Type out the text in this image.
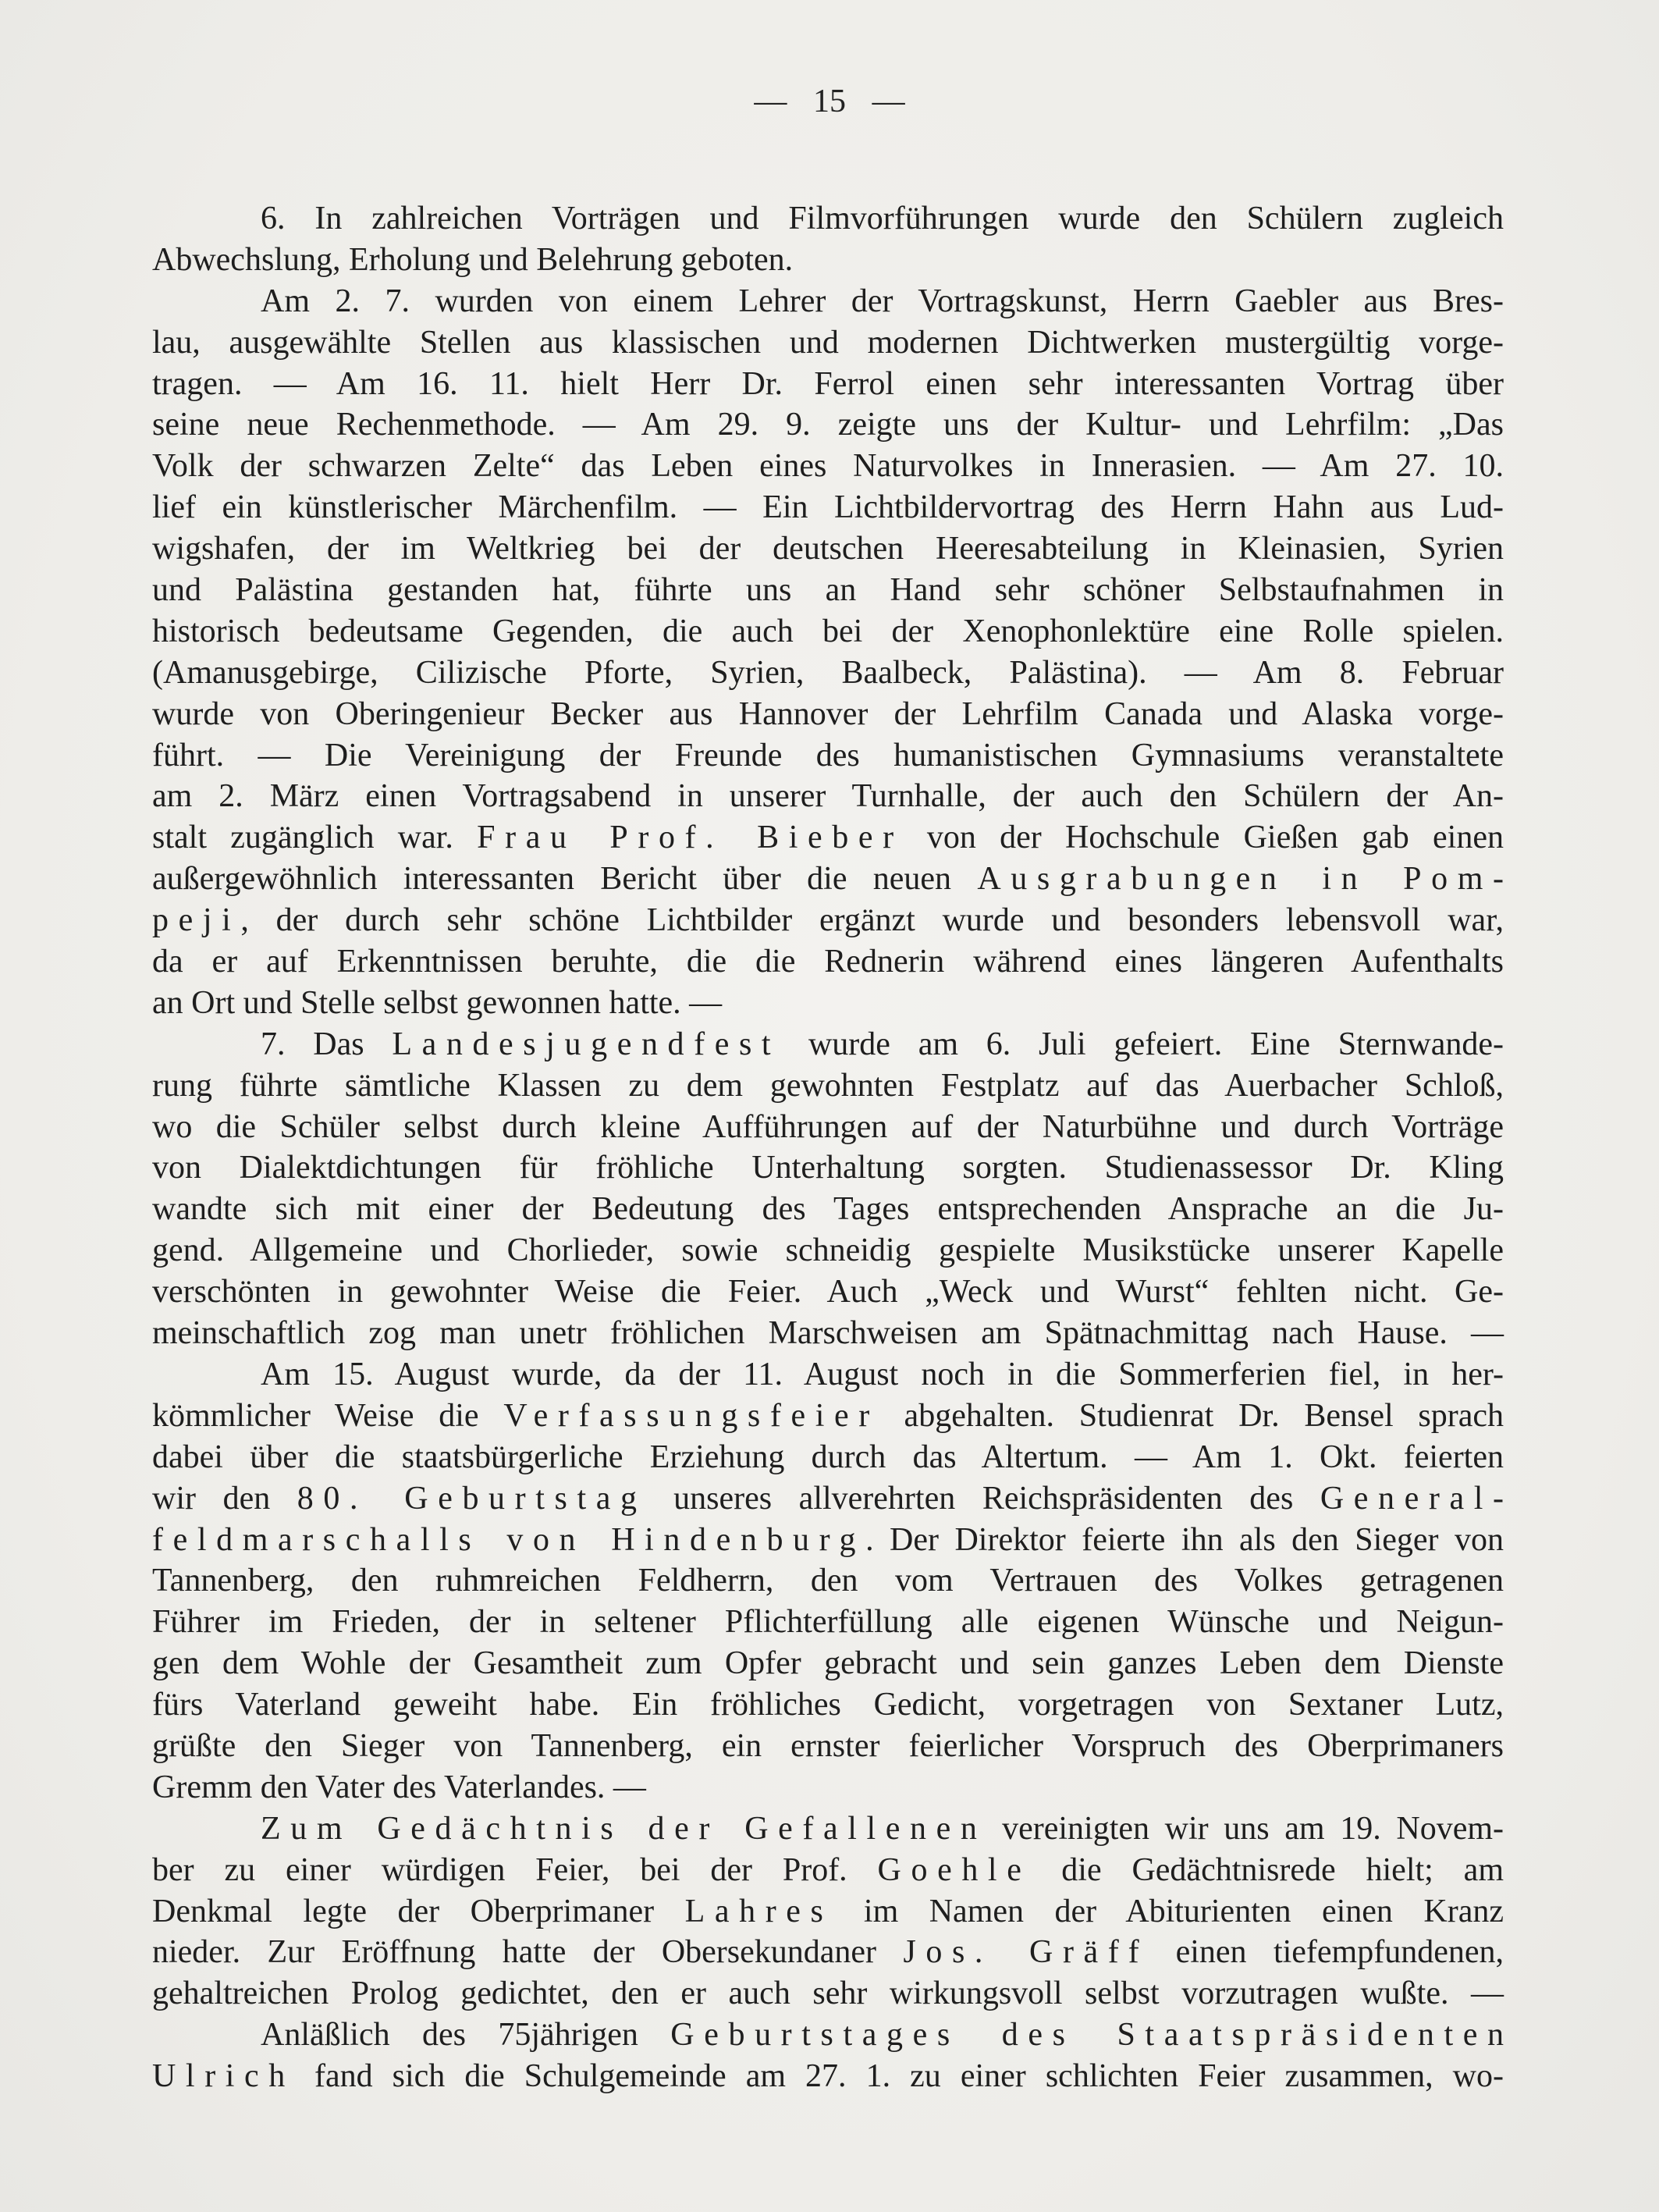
— 15 —
6. In zahlreichen Vorträgen und Filmvorführungen wurde den Schülern zugleich
Abwechslung, Erholung und Belehrung geboten.
Am 2. 7. wurden von einem Lehrer der Vortragskunst, Herrn Gaebler aus Bres-
lau, ausgewählte Stellen aus klassischen und modernen Dichtwerken mustergültig vorge-
tragen. — Am 16. 11. hielt Herr Dr. Ferrol einen sehr interessanten Vortrag über
seine neue Rechenmethode. — Am 29. 9. zeigte uns der Kultur- und Lehrfilm: „Das
Volk der schwarzen Zelte“ das Leben eines Naturvolkes in Innerasien. — Am 27. 10.
lief ein künstlerischer Märchenfilm. — Ein Lichtbildervortrag des Herrn Hahn aus Lud-
wigshafen, der im Weltkrieg bei der deutschen Heeresabteilung in Kleinasien, Syrien
und Palästina gestanden hat, führte uns an Hand sehr schöner Selbstaufnahmen in
historisch bedeutsame Gegenden, die auch bei der Xenophonlektüre eine Rolle spielen.
(Amanusgebirge, Cilizische Pforte, Syrien, Baalbeck, Palästina). — Am 8. Februar
wurde von Oberingenieur Becker aus Hannover der Lehrfilm Canada und Alaska vorge-
führt. — Die Vereinigung der Freunde des humanistischen Gymnasiums veranstaltete
am 2. März einen Vortragsabend in unserer Turnhalle, der auch den Schülern der An-
stalt zugänglich war. Frau Prof. Bieber von der Hochschule Gießen gab einen
außergewöhnlich interessanten Bericht über die neuen Ausgrabungen in Pom-
peji, der durch sehr schöne Lichtbilder ergänzt wurde und besonders lebensvoll war,
da er auf Erkenntnissen beruhte, die die Rednerin während eines längeren Aufenthalts
an Ort und Stelle selbst gewonnen hatte. —
7. Das Landesjugendfest wurde am 6. Juli gefeiert. Eine Sternwande-
rung führte sämtliche Klassen zu dem gewohnten Festplatz auf das Auerbacher Schloß,
wo die Schüler selbst durch kleine Aufführungen auf der Naturbühne und durch Vorträge
von Dialektdichtungen für fröhliche Unterhaltung sorgten. Studienassessor Dr. Kling
wandte sich mit einer der Bedeutung des Tages entsprechenden Ansprache an die Ju-
gend. Allgemeine und Chorlieder, sowie schneidig gespielte Musikstücke unserer Kapelle
verschönten in gewohnter Weise die Feier. Auch „Weck und Wurst“ fehlten nicht. Ge-
meinschaftlich zog man unetr fröhlichen Marschweisen am Spätnachmittag nach Hause. —
Am 15. August wurde, da der 11. August noch in die Sommerferien fiel, in her-
kömmlicher Weise die Verfassungsfeier abgehalten. Studienrat Dr. Bensel sprach
dabei über die staatsbürgerliche Erziehung durch das Altertum. — Am 1. Okt. feierten
wir den 80. Geburtstag unseres allverehrten Reichspräsidenten des General-
feldmarschalls von Hindenburg. Der Direktor feierte ihn als den Sieger von
Tannenberg, den ruhmreichen Feldherrn, den vom Vertrauen des Volkes getragenen
Führer im Frieden, der in seltener Pflichterfüllung alle eigenen Wünsche und Neigun-
gen dem Wohle der Gesamtheit zum Opfer gebracht und sein ganzes Leben dem Dienste
fürs Vaterland geweiht habe. Ein fröhliches Gedicht, vorgetragen von Sextaner Lutz,
grüßte den Sieger von Tannenberg, ein ernster feierlicher Vorspruch des Oberprimaners
Gremm den Vater des Vaterlandes. —
Zum Gedächtnis der Gefallenen vereinigten wir uns am 19. Novem-
ber zu einer würdigen Feier, bei der Prof. Goehle die Gedächtnisrede hielt; am
Denkmal legte der Oberprimaner Lahres im Namen der Abiturienten einen Kranz
nieder. Zur Eröffnung hatte der Obersekundaner Jos. Gräff einen tiefempfundenen,
gehaltreichen Prolog gedichtet, den er auch sehr wirkungsvoll selbst vorzutragen wußte. —
Anläßlich des 75jährigen Geburtstages des Staatspräsidenten
Ulrich fand sich die Schulgemeinde am 27. 1. zu einer schlichten Feier zusammen, wo-
